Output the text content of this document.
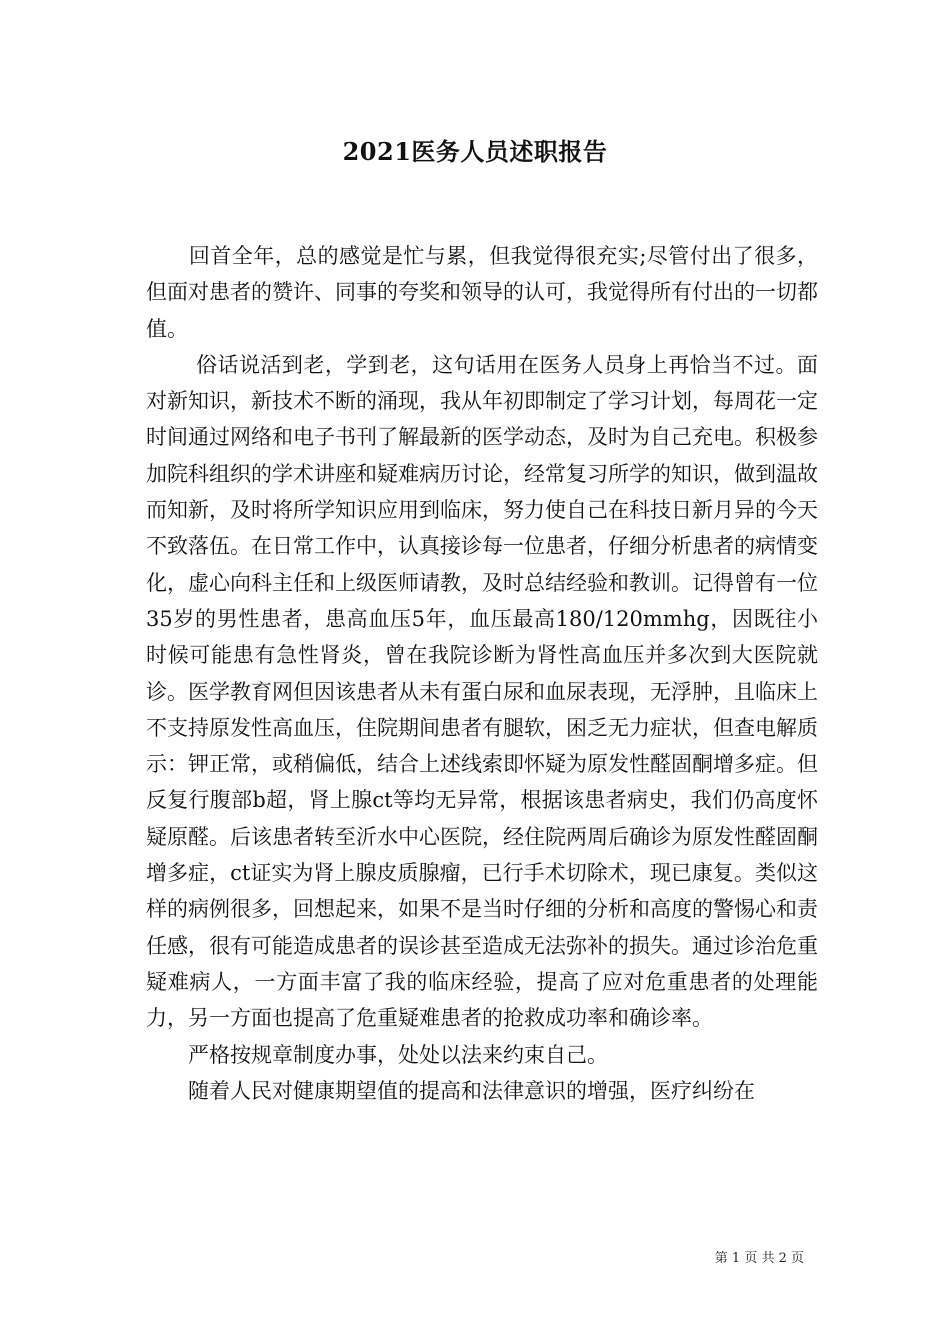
2021医务人员述职报告

　　回首全年，总的感觉是忙与累，但我觉得很充实;尽管付出了很多，但面对患者的赞许、同事的夸奖和领导的认可，我觉得所有付出的一切都值。

　　 俗话说活到老，学到老，这句话用在医务人员身上再恰当不过。面对新知识，新技术不断的涌现，我从年初即制定了学习计划，每周花一定时间通过网络和电子书刊了解最新的医学动态，及时为自己充电。积极参加院科组织的学术讲座和疑难病历讨论，经常复习所学的知识，做到温故而知新，及时将所学知识应用到临床，努力使自己在科技日新月异的今天不致落伍。在日常工作中，认真接诊每一位患者，仔细分析患者的病情变化，虚心向科主任和上级医师请教，及时总结经验和教训。记得曾有一位35岁的男性患者，患高血压5年，血压最高180/120mmhg，因既往小时候可能患有急性肾炎，曾在我院诊断为肾性高血压并多次到大医院就诊。医学教育网但因该患者从未有蛋白尿和血尿表现，无浮肿，且临床上不支持原发性高血压，住院期间患者有腿软，困乏无力症状，但查电解质示：钾正常，或稍偏低，结合上述线索即怀疑为原发性醛固酮增多症。但反复行腹部b超，肾上腺ct等均无异常，根据该患者病史，我们仍高度怀疑原醛。后该患者转至沂水中心医院，经住院两周后确诊为原发性醛固酮增多症，ct证实为肾上腺皮质腺瘤，已行手术切除术，现已康复。类似这样的病例很多，回想起来，如果不是当时仔细的分析和高度的警惕心和责任感，很有可能造成患者的误诊甚至造成无法弥补的损失。通过诊治危重疑难病人，一方面丰富了我的临床经验，提高了应对危重患者的处理能力，另一方面也提高了危重疑难患者的抢救成功率和确诊率。

　　严格按规章制度办事，处处以法来约束自己。

　　随着人民对健康期望值的提高和法律意识的增强，医疗纠纷在

第 1 页 共 2 页
